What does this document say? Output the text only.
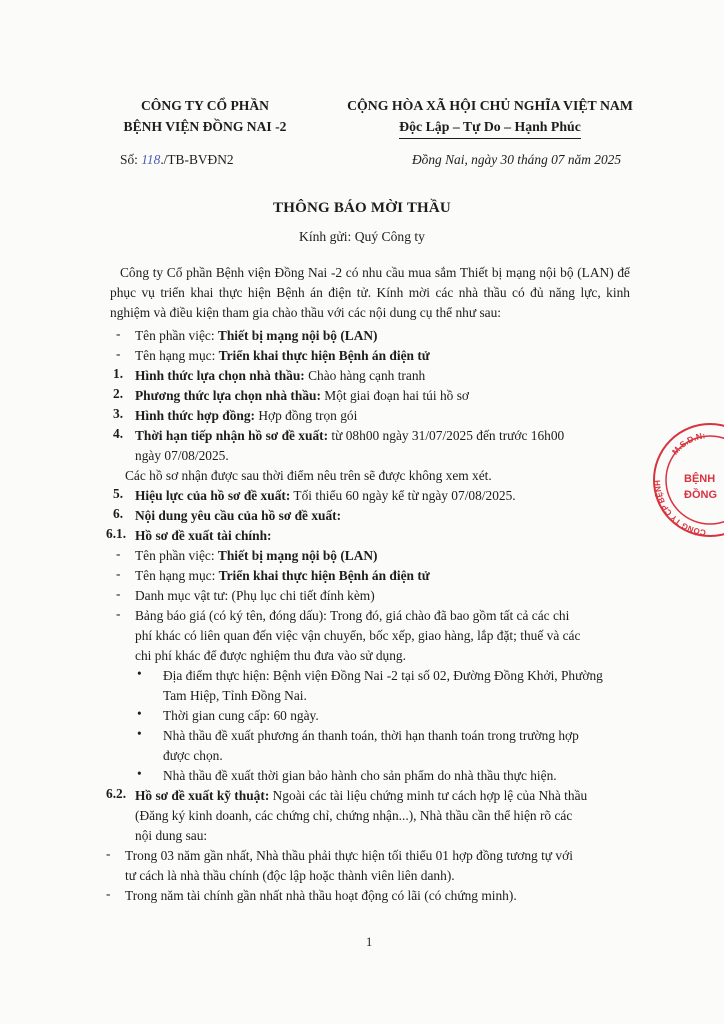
CÔNG TY CỔ PHẦN
BỆNH VIỆN ĐỒNG NAI -2
CỘNG HÒA XÃ HỘI CHỦ NGHĨA VIỆT NAM
Độc Lập – Tự Do – Hạnh Phúc
Số: 118./TB-BVĐN2	Đồng Nai, ngày 30 tháng 07 năm 2025
THÔNG BÁO MỜI THẦU
Kính gửi: Quý Công ty
Công ty Cổ phần Bệnh viện Đồng Nai -2 có nhu cầu mua sắm Thiết bị mạng nội bộ (LAN) để phục vụ triển khai thực hiện Bệnh án điện tử. Kính mời các nhà thầu có đủ năng lực, kinh nghiệm và điều kiện tham gia chào thầu với các nội dung cụ thể như sau:
- Tên phần việc: Thiết bị mạng nội bộ (LAN)
- Tên hạng mục: Triển khai thực hiện Bệnh án điện tử
1. Hình thức lựa chọn nhà thầu: Chào hàng cạnh tranh
2. Phương thức lựa chọn nhà thầu: Một giai đoạn hai túi hồ sơ
3. Hình thức hợp đồng: Hợp đồng trọn gói
4. Thời hạn tiếp nhận hồ sơ đề xuất: từ 08h00 ngày 31/07/2025 đến trước 16h00
ngày 07/08/2025.
Các hồ sơ nhận được sau thời điểm nêu trên sẽ được không xem xét.
5. Hiệu lực của hồ sơ đề xuất: Tối thiểu 60 ngày kể từ ngày 07/08/2025.
6. Nội dung yêu cầu của hồ sơ đề xuất:
6.1. Hồ sơ đề xuất tài chính:
- Tên phần việc: Thiết bị mạng nội bộ (LAN)
- Tên hạng mục: Triển khai thực hiện Bệnh án điện tử
- Danh mục vật tư: (Phụ lục chi tiết đính kèm)
- Bảng báo giá (có ký tên, đóng dấu): Trong đó, giá chào đã bao gồm tất cả các chi
phí khác có liên quan đến việc vận chuyển, bốc xếp, giao hàng, lắp đặt; thuế và các
chi phí khác để được nghiệm thu đưa vào sử dụng.
• Địa điểm thực hiện: Bệnh viện Đồng Nai -2 tại số 02, Đường Đồng Khởi, Phường
Tam Hiệp, Tỉnh Đồng Nai.
• Thời gian cung cấp: 60 ngày.
• Nhà thầu đề xuất phương án thanh toán, thời hạn thanh toán trong trường hợp
được chọn.
• Nhà thầu đề xuất thời gian bảo hành cho sản phẩm do nhà thầu thực hiện.
6.2. Hồ sơ đề xuất kỹ thuật: Ngoài các tài liệu chứng minh tư cách hợp lệ của Nhà thầu
(Đăng ký kinh doanh, các chứng chỉ, chứng nhận...), Nhà thầu cần thể hiện rõ các
nội dung sau:
- Trong 03 năm gần nhất, Nhà thầu phải thực hiện tối thiểu 01 hợp đồng tương tự với
tư cách là nhà thầu chính (độc lập hoặc thành viên liên danh).
- Trong năm tài chính gần nhất nhà thầu hoạt động có lãi (có chứng minh).
1
M.S.D.N:
CÔNG TY CP BỆNH	BỆNH
ĐỒNG
